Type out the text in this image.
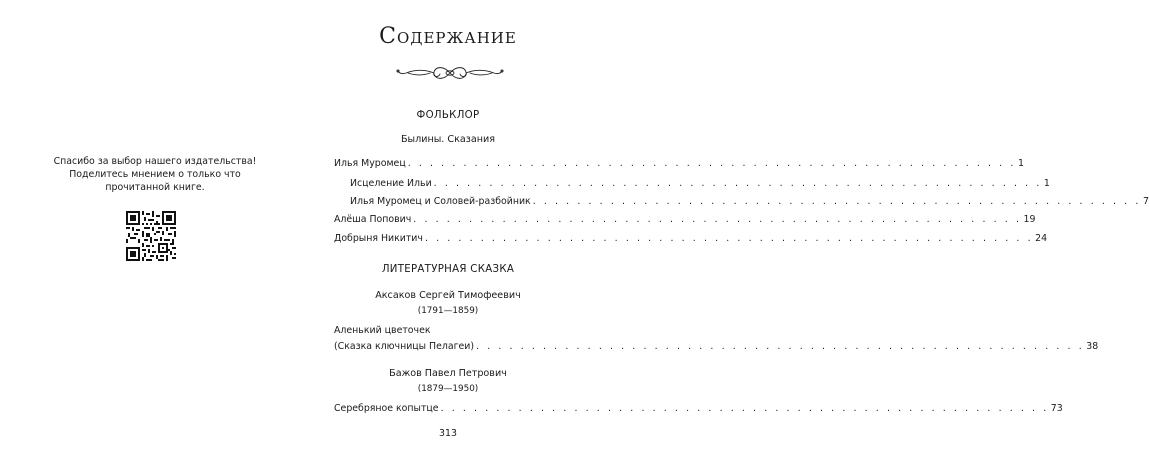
Спасибо за выбор нашего издательства!
Поделитесь мнением о только что
прочитанной книге.
Содержание
ФОЛЬКЛОР
Былины. Сказания
Илья Муромец . . . . . . . . . . . . . . . . . . . . . . . . . . . . . . . . . . . . . . . . . . . . . . . . . . . . . . . 1
Исцеление Ильи . . . . . . . . . . . . . . . . . . . . . . . . . . . . . . . . . . . . . . . . . . . . . . . . . . . . . . . 1
Илья Муромец и Соловей-разбойник . . . . . . . . . . . . . . . . . . . . . . . . . . . . . . . . . . . . . . . . . . . . . . . . . . . . . . . 7
Алёша Попович . . . . . . . . . . . . . . . . . . . . . . . . . . . . . . . . . . . . . . . . . . . . . . . . . . . . . . . 19
Добрыня Никитич . . . . . . . . . . . . . . . . . . . . . . . . . . . . . . . . . . . . . . . . . . . . . . . . . . . . . . . 24
ЛИТЕРАТУРНАЯ СКАЗКА
Аксаков Сергей Тимофеевич
(1791—1859)
Аленький цветочек
(Сказка ключницы Пелагеи) . . . . . . . . . . . . . . . . . . . . . . . . . . . . . . . . . . . . . . . . . . . . . . . . . . . . . . . 38
Бажов Павел Петрович
(1879—1950)
Серебряное копытце . . . . . . . . . . . . . . . . . . . . . . . . . . . . . . . . . . . . . . . . . . . . . . . . . . . . . . . 73
313
